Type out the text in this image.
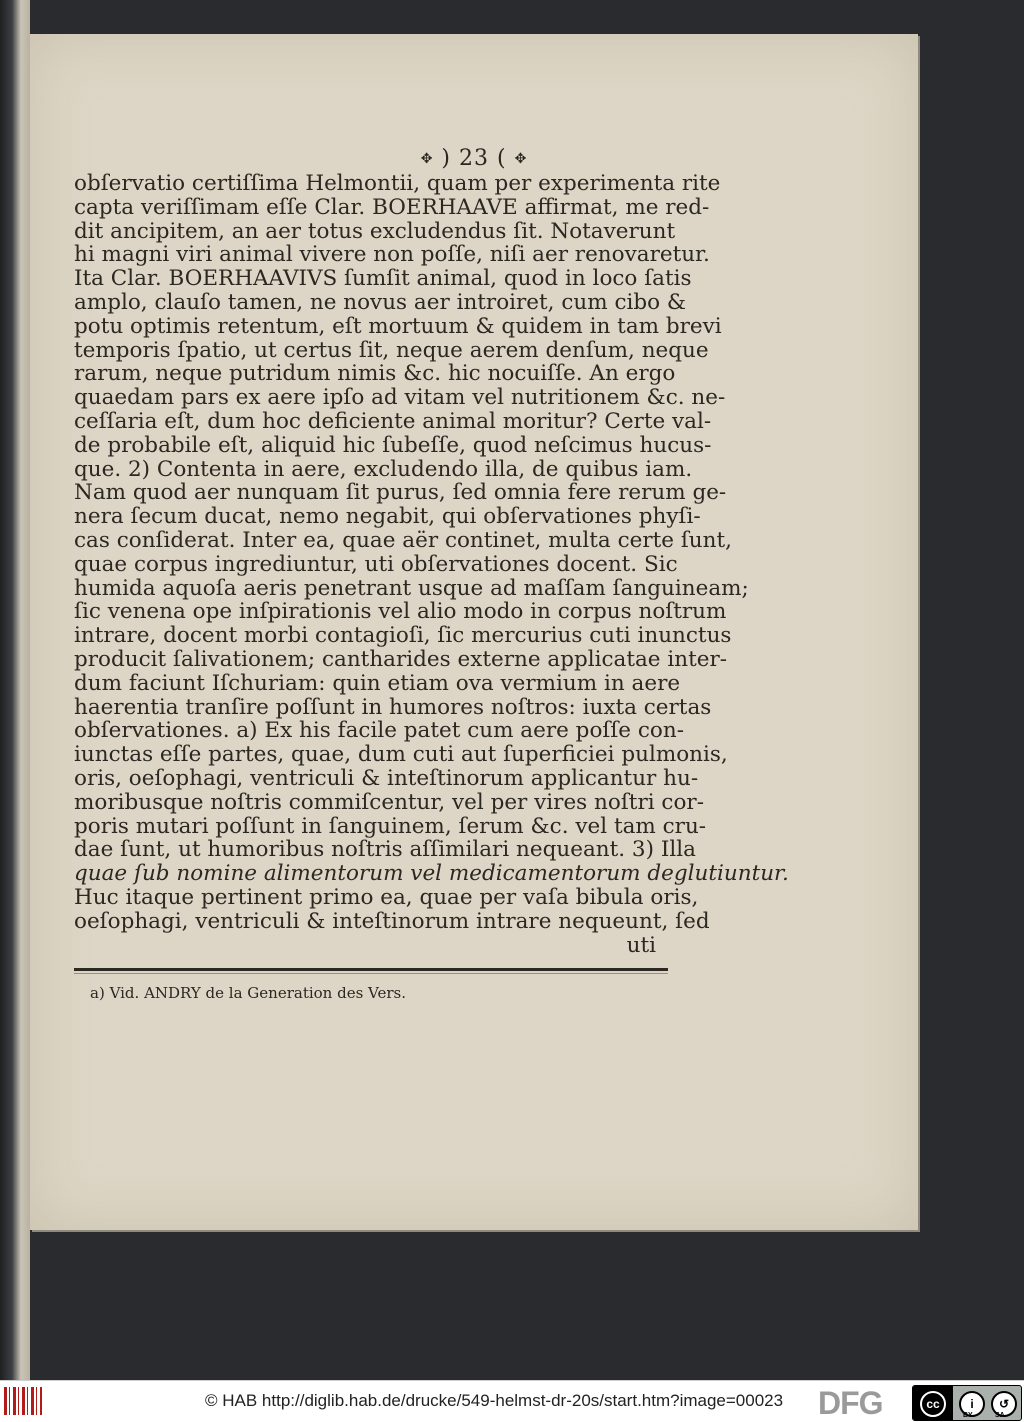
✥ ) 23 ( ✥
obſervatio certiſſima Helmontii, quam per experimenta rite
capta veriſſimam eſſe Clar. BOERHAAVE affirmat, me red-
dit ancipitem, an aer totus excludendus ſit. Notaverunt
hi magni viri animal vivere non poſſe, niſi aer renovaretur.
Ita Clar. BOERHAAVIVS ſumſit animal, quod in loco ſatis
amplo, clauſo tamen, ne novus aer introiret, cum cibo &
potu optimis retentum, eſt mortuum & quidem in tam brevi
temporis ſpatio, ut certus ſit, neque aerem denſum, neque
rarum, neque putridum nimis &c. hic nocuiſſe. An ergo
quaedam pars ex aere ipſo ad vitam vel nutritionem &c. ne-
ceſſaria eſt, dum hoc deficiente animal moritur? Certe val-
de probabile eſt, aliquid hic ſubeſſe, quod neſcimus hucus-
que. 2) Contenta in aere, excludendo illa, de quibus iam.
Nam quod aer nunquam ſit purus, ſed omnia fere rerum ge-
nera ſecum ducat, nemo negabit, qui obſervationes phyſi-
cas conſiderat. Inter ea, quae aër continet, multa certe ſunt,
quae corpus ingrediuntur, uti obſervationes docent. Sic
humida aquoſa aeris penetrant usque ad maſſam ſanguineam;
ſic venena ope inſpirationis vel alio modo in corpus noſtrum
intrare, docent morbi contagioſi, ſic mercurius cuti inunctus
producit ſalivationem; cantharides externe applicatae inter-
dum faciunt Iſchuriam: quin etiam ova vermium in aere
haerentia tranſire poſſunt in humores noſtros: iuxta certas
obſervationes. a) Ex his facile patet cum aere poſſe con-
iunctas eſſe partes, quae, dum cuti aut ſuperficiei pulmonis,
oris, oeſophagi, ventriculi & inteſtinorum applicantur hu-
moribusque noſtris commiſcentur, vel per vires noſtri cor-
poris mutari poſſunt in ſanguinem, ſerum &c. vel tam cru-
dae ſunt, ut humoribus noſtris aſſimilari nequeant. 3) Illa
quae ſub nomine alimentorum vel medicamentorum deglutiuntur.
Huc itaque pertinent primo ea, quae per vaſa bibula oris,
oeſophagi, ventriculi & inteſtinorum intrare nequeunt, ſed
uti
a) Vid. ANDRY de la Generation des Vers.
© HAB http://diglib.hab.de/drucke/549-helmst-dr-20s/start.htm?image=00023 DFG	cc	i	↺
BY	SA
